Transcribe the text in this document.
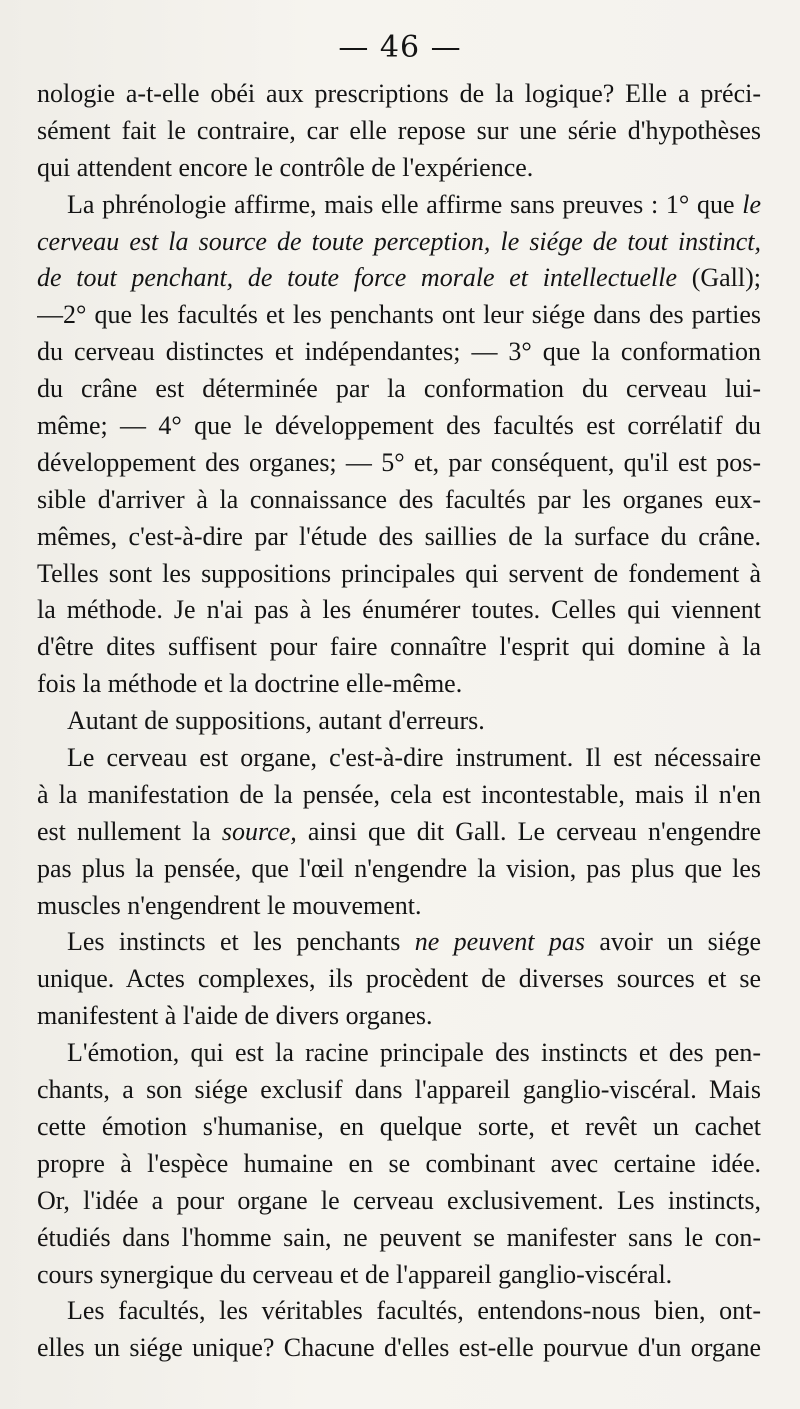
— 46 —
nologie a-t-elle obéi aux prescriptions de la logique? Elle a préci-
sément fait le contraire, car elle repose sur une série d'hypothèses
qui attendent encore le contrôle de l'expérience.
La phrénologie affirme, mais elle affirme sans preuves : 1° que le
cerveau est la source de toute perception, le siége de tout instinct,
de tout penchant, de toute force morale et intellectuelle (Gall);
—2° que les facultés et les penchants ont leur siége dans des parties
du cerveau distinctes et indépendantes; — 3° que la conformation
du crâne est déterminée par la conformation du cerveau lui-
même; — 4° que le développement des facultés est corrélatif du
développement des organes; — 5° et, par conséquent, qu'il est pos-
sible d'arriver à la connaissance des facultés par les organes eux-
mêmes, c'est-à-dire par l'étude des saillies de la surface du crâne.
Telles sont les suppositions principales qui servent de fondement à
la méthode. Je n'ai pas à les énumérer toutes. Celles qui viennent
d'être dites suffisent pour faire connaître l'esprit qui domine à la
fois la méthode et la doctrine elle-même.
Autant de suppositions, autant d'erreurs.
Le cerveau est organe, c'est-à-dire instrument. Il est nécessaire
à la manifestation de la pensée, cela est incontestable, mais il n'en
est nullement la source, ainsi que dit Gall. Le cerveau n'engendre
pas plus la pensée, que l'œil n'engendre la vision, pas plus que les
muscles n'engendrent le mouvement.
Les instincts et les penchants ne peuvent pas avoir un siége
unique. Actes complexes, ils procèdent de diverses sources et se
manifestent à l'aide de divers organes.
L'émotion, qui est la racine principale des instincts et des pen-
chants, a son siége exclusif dans l'appareil ganglio-viscéral. Mais
cette émotion s'humanise, en quelque sorte, et revêt un cachet
propre à l'espèce humaine en se combinant avec certaine idée.
Or, l'idée a pour organe le cerveau exclusivement. Les instincts,
étudiés dans l'homme sain, ne peuvent se manifester sans le con-
cours synergique du cerveau et de l'appareil ganglio-viscéral.
Les facultés, les véritables facultés, entendons-nous bien, ont-
elles un siége unique? Chacune d'elles est-elle pourvue d'un organe
